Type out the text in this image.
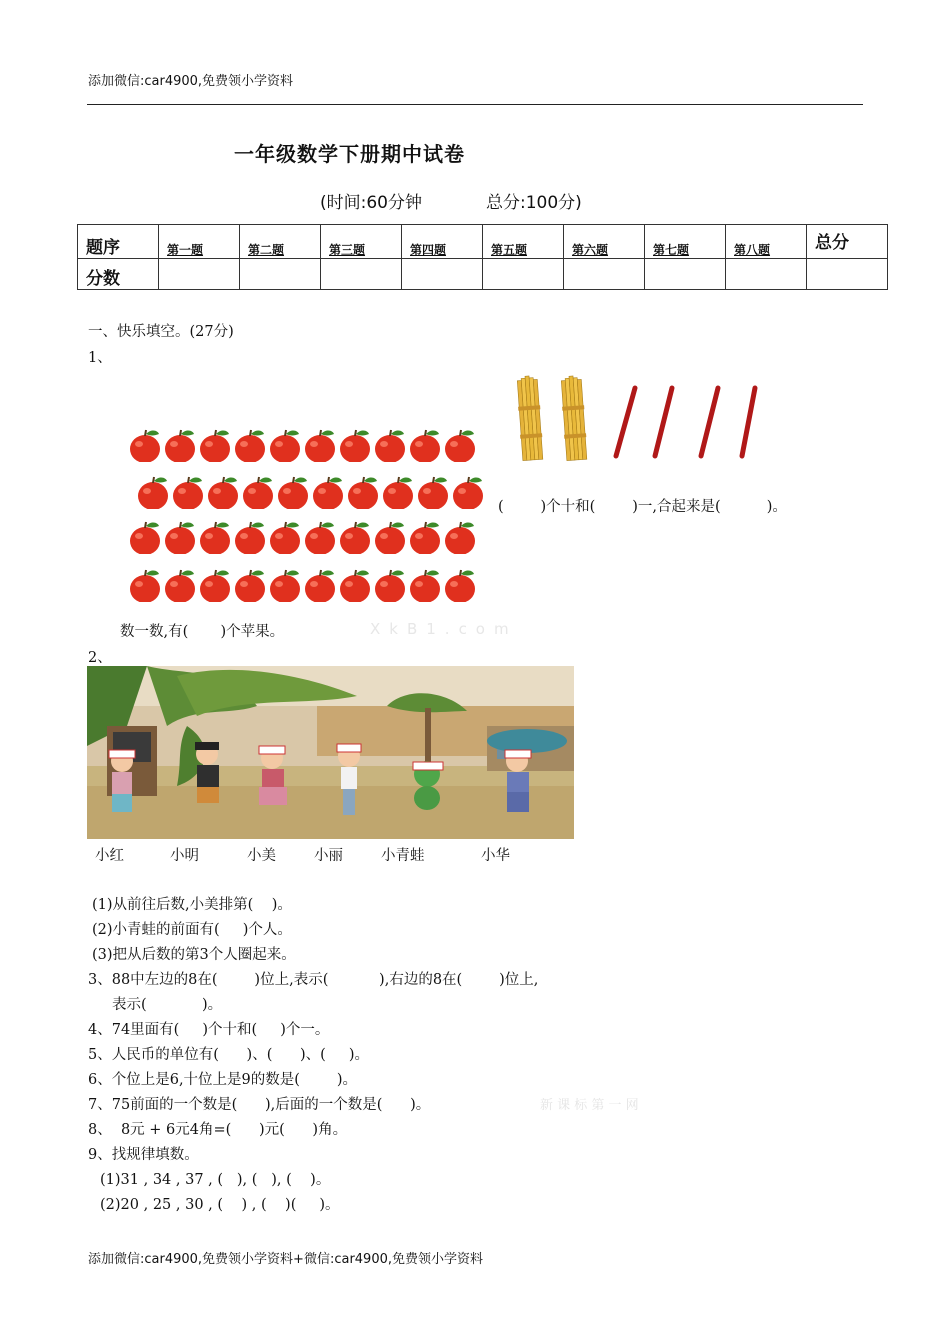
添加微信:car4900,免费领小学资料
一年级数学下册期中试卷
(时间:60分钟	总分:100分)
题序	第一题	第二题	第三题	第四题	第五题	第六题	第七题	第八题	总分
分数									
一、快乐填空。(27分)
1、
(        )个十和(        )一,合起来是(          )。
数一数,有(       )个苹果。	XkB1.com
2、
小红	小明	小美	小丽	小青蛙	小华
(1)从前往后数,小美排第(    )。
(2)小青蛙的前面有(     )个人。
(3)把从后数的第3个人圈起来。
3、88中左边的8在(        )位上,表示(           ),右边的8在(        )位上,
表示(            )。
4、74里面有(     )个十和(     )个一。
5、人民币的单位有(      )、(      )、(     )。
6、个位上是6,十位上是9的数是(        )。
7、75前面的一个数是(      ),后面的一个数是(      )。	新 课 标 第 一 网
8、  8元 + 6元4角=(      )元(      )角。
9、找规律填数。
(1)31 , 34 , 37 , (   ), (   ), (    )。
(2)20 , 25 , 30 , (    ) , (    )(     )。
添加微信:car4900,免费领小学资料+微信:car4900,免费领小学资料
